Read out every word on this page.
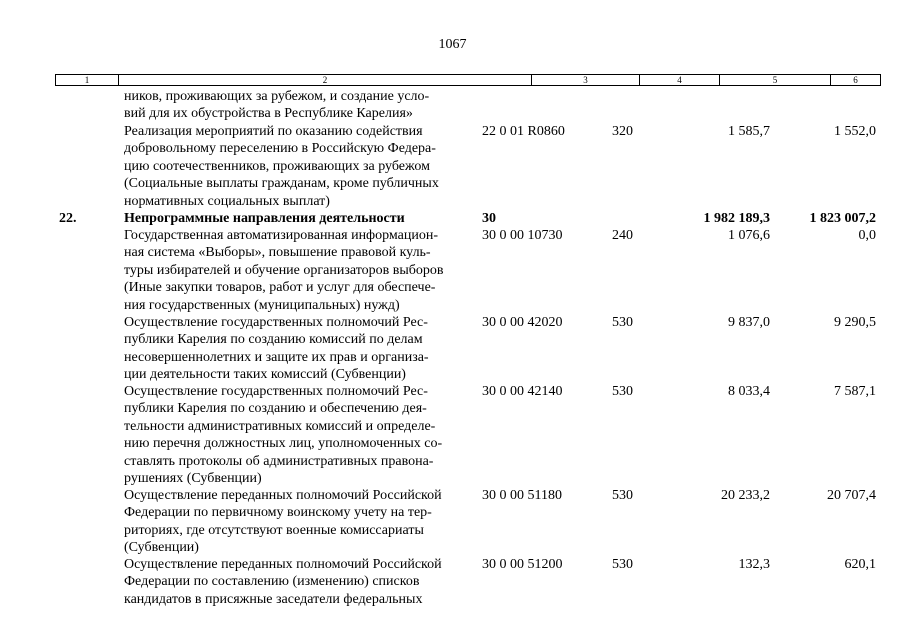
1067
1	2	3	4	5	6
ников, проживающих за рубежом, и создание усло-
вий для их обустройства в Республике Карелия»
Реализация мероприятий по оказанию содействия
добровольному переселению в Российскую Федера-
цию соотечественников, проживающих за рубежом
(Социальные выплаты гражданам, кроме публичных
нормативных социальных выплат)
22 0 01 R0860	320	1 585,7	1 552,0
22.	Непрограммные направления деятельности	30	1 982 189,3	1 823 007,2
Государственная автоматизированная информацион-
ная система «Выборы», повышение правовой куль-
туры избирателей и обучение организаторов выборов
(Иные закупки товаров, работ и услуг для обеспече-
ния государственных (муниципальных) нужд)
30 0 00 10730	240	1 076,6	0,0
Осуществление государственных полномочий Рес-
публики Карелия по созданию комиссий по делам
несовершеннолетних и защите их прав и организа-
ции деятельности таких комиссий (Субвенции)
30 0 00 42020	530	9 837,0	9 290,5
Осуществление государственных полномочий Рес-
публики Карелия по созданию и обеспечению дея-
тельности административных комиссий и определе-
нию перечня должностных лиц, уполномоченных со-
ставлять протоколы об административных правона-
рушениях (Субвенции)
30 0 00 42140	530	8 033,4	7 587,1
Осуществление переданных полномочий Российской
Федерации по первичному воинскому учету на тер-
риториях, где отсутствуют военные комиссариаты
(Субвенции)
30 0 00 51180	530	20 233,2	20 707,4
Осуществление переданных полномочий Российской
Федерации по составлению (изменению) списков
кандидатов в присяжные заседатели федеральных
30 0 00 51200	530	132,3	620,1
